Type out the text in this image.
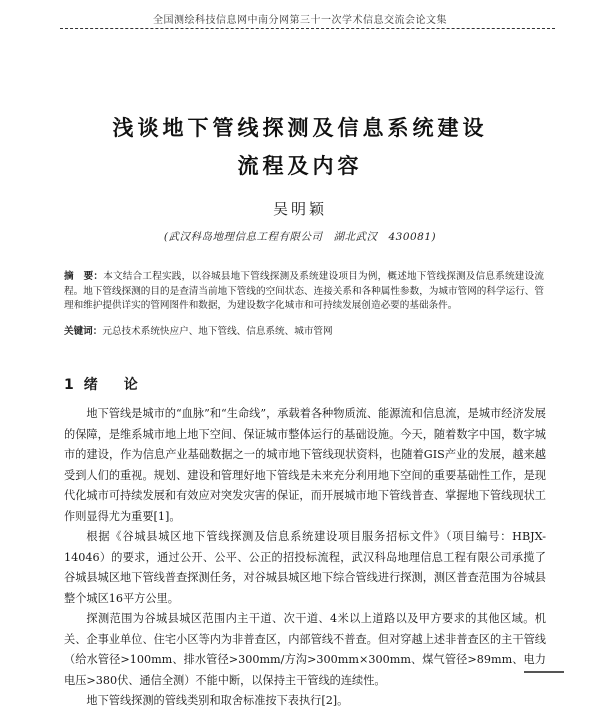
全国测绘科技信息网中南分网第三十一次学术信息交流会论文集
浅谈地下管线探测及信息系统建设
流程及内容
吴明颖
(武汉科岛地理信息工程有限公司　湖北武汉　430081)
摘　要：本文结合工程实践，以谷城县地下管线探测及系统建设项目为例，概述地下管线探测及信息系统建设流程。地下管线探测的目的是查清当前地下管线的空间状态、连接关系和各种属性参数，为城市管网的科学运行、管理和维护提供详实的管网图件和数据，为建设数字化城市和可持续发展创造必要的基础条件。
关键词：元总技术系统快应户、地下管线、信息系统、城市管网
1 绪　论

地下管线是城市的“血脉”和“生命线”，承载着各种物质流、能源流和信息流，是城市经济发展的保障，是维系城市地上地下空间、保证城市整体运行的基础设施。今天，随着数字中国，数字城市的建设，作为信息产业基础数据之一的城市地下管线现状资料，也随着GIS产业的发展，越来越受到人们的重视。规划、建设和管理好地下管线是未来充分利用地下空间的重要基础性工作，是现代化城市可持续发展和有效应对突发灾害的保证，而开展城市地下管线普查、掌握地下管线现状工作则显得尤为重要[1]。

根据《谷城县城区地下管线探测及信息系统建设项目服务招标文件》（项目编号：HBJX-14046）的要求，通过公开、公平、公正的招投标流程，武汉科岛地理信息工程有限公司承揽了谷城县城区地下管线普查探测任务，对谷城县城区地下综合管线进行探测，测区普查范围为谷城县整个城区16平方公里。

探测范围为谷城县城区范围内主干道、次干道、4米以上道路以及甲方要求的其他区域。机关、企事业单位、住宅小区等内为非普查区，内部管线不普查。但对穿越上述非普查区的主干管线（给水管径>100mm、排水管径>300mm/方沟>300mm×300mm、煤气管径>89mm、电力电压>380伏、通信全测）不能中断，以保持主干管线的连续性。

地下管线探测的管线类别和取舍标准按下表执行[2]。
